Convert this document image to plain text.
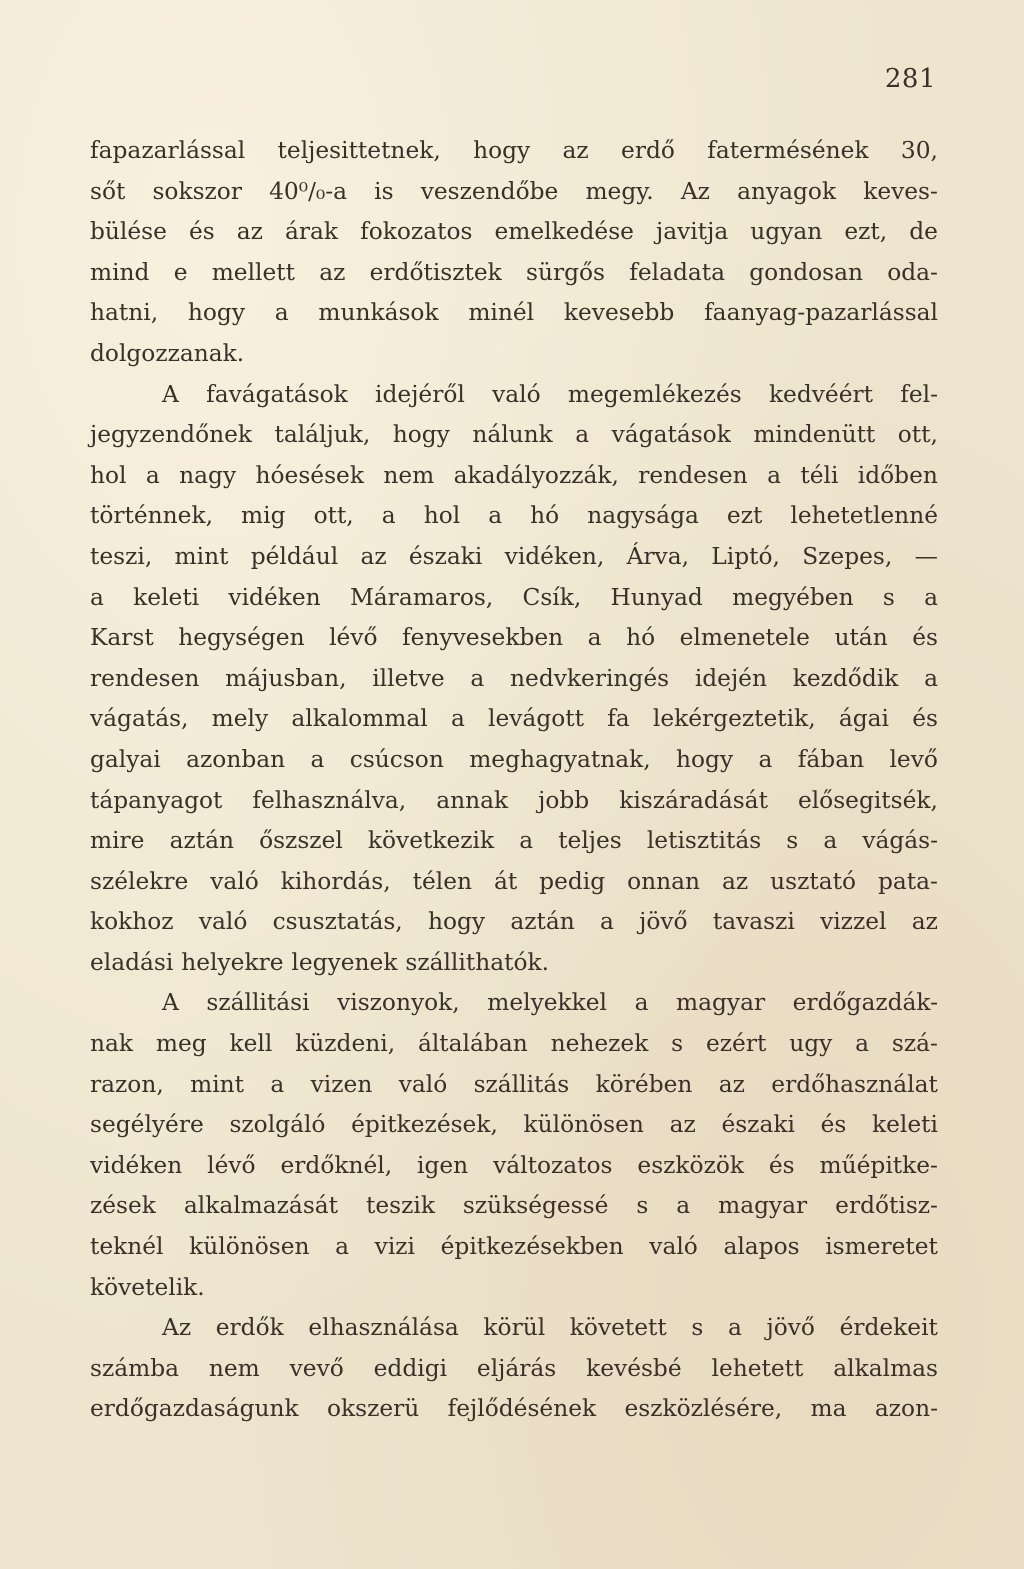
281
fapazarlással teljesittetnek, hogy az erdő fatermésének 30,
sőt sokszor 40⁰/₀-a is veszendőbe megy. Az anyagok keves-
bülése és az árak fokozatos emelkedése javitja ugyan ezt, de
mind e mellett az erdőtisztek sürgős feladata gondosan oda-
hatni, hogy a munkások minél kevesebb faanyag-pazarlással
dolgozzanak.
A favágatások idejéről való megemlékezés kedvéért fel-
jegyzendőnek találjuk, hogy nálunk a vágatások mindenütt ott,
hol a nagy hóesések nem akadályozzák, rendesen a téli időben
történnek, mig ott, a hol a hó nagysága ezt lehetetlenné
teszi, mint például az északi vidéken, Árva, Liptó, Szepes, —
a keleti vidéken Máramaros, Csík, Hunyad megyében s a
Karst hegységen lévő fenyvesekben a hó elmenetele után és
rendesen májusban, illetve a nedvkeringés idején kezdődik a
vágatás, mely alkalommal a levágott fa lekérgeztetik, ágai és
galyai azonban a csúcson meghagyatnak, hogy a fában levő
tápanyagot felhasználva, annak jobb kiszáradását elősegitsék,
mire aztán őszszel következik a teljes letisztitás s a vágás-
szélekre való kihordás, télen át pedig onnan az usztató pata-
kokhoz való csusztatás, hogy aztán a jövő tavaszi vizzel az
eladási helyekre legyenek szállithatók.
A szállitási viszonyok, melyekkel a magyar erdőgazdák-
nak meg kell küzdeni, általában nehezek s ezért ugy a szá-
razon, mint a vizen való szállitás körében az erdőhasználat
segélyére szolgáló épitkezések, különösen az északi és keleti
vidéken lévő erdőknél, igen változatos eszközök és műépitke-
zések alkalmazását teszik szükségessé s a magyar erdőtisz-
teknél különösen a vizi épitkezésekben való alapos ismeretet
követelik.
Az erdők elhasználása körül követett s a jövő érdekeit
számba nem vevő eddigi eljárás kevésbé lehetett alkalmas
erdőgazdaságunk okszerü fejlődésének eszközlésére, ma azon-
